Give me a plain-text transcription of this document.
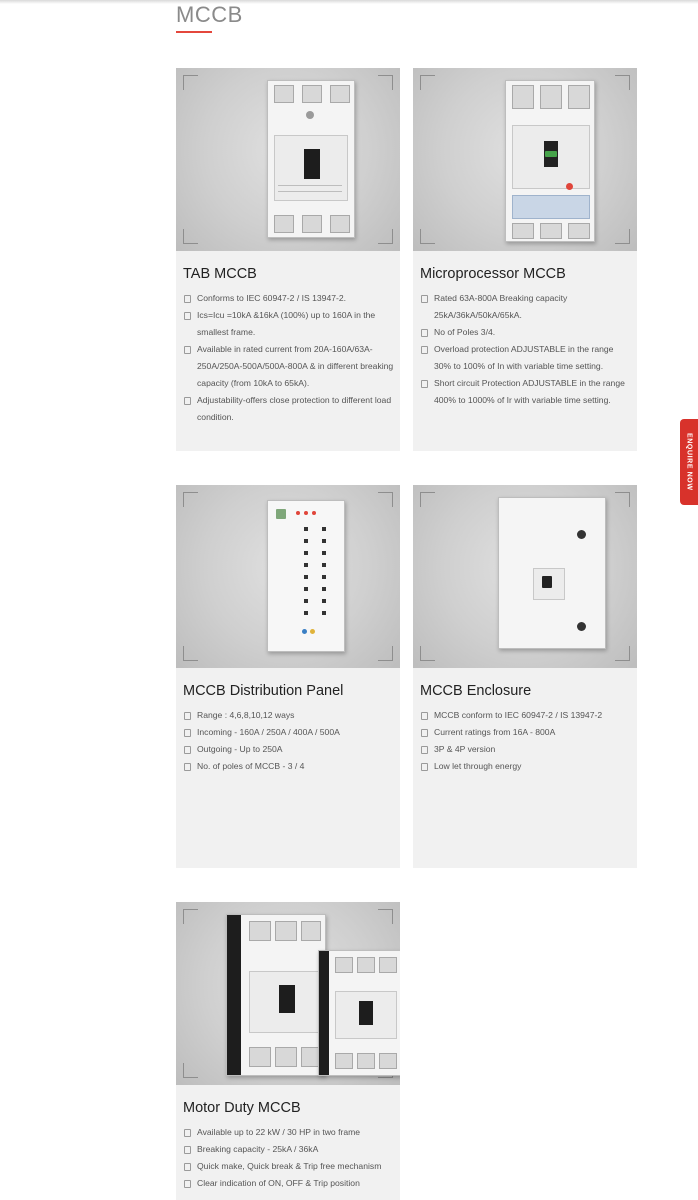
MCCB
TAB MCCB
Conforms to IEC 60947-2 / IS 13947-2.
Ics=Icu =10kA &16kA (100%) up to 160A in the smallest frame.
Available in rated current from 20A-160A/63A-250A/250A-500A/500A-800A & in different breaking capacity (from 10kA to 65kA).
Adjustability-offers close protection to different load condition.
Microprocessor MCCB
Rated 63A-800A Breaking capacity 25kA/36kA/50kA/65kA.
No of Poles 3/4.
Overload protection ADJUSTABLE in the range 30% to 100% of In with variable time setting.
Short circuit Protection ADJUSTABLE in the range 400% to 1000% of Ir with variable time setting.
MCCB Distribution Panel
Range : 4,6,8,10,12 ways
Incoming - 160A / 250A / 400A / 500A
Outgoing - Up to 250A
No. of poles of MCCB - 3 / 4
MCCB Enclosure
MCCB conform to IEC 60947-2 / IS 13947-2
Current ratings from 16A - 800A
3P & 4P version
Low let through energy
Motor Duty MCCB
Available up to 22 kW / 30 HP in two frame
Breaking capacity - 25kA / 36kA
Quick make, Quick break & Trip free mechanism
Clear indication of ON, OFF & Trip position
ENQUIRE NOW
